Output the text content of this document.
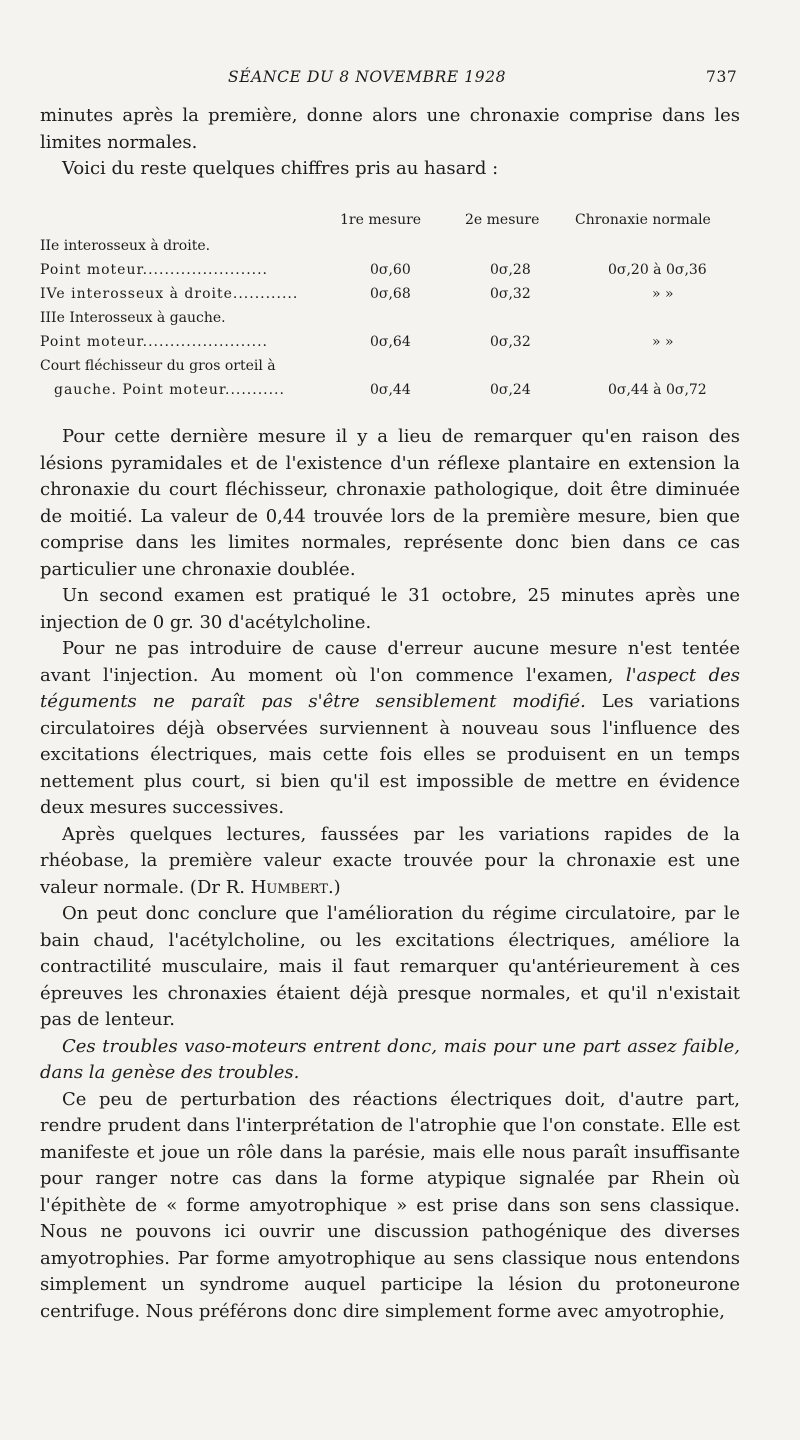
SÉANCE DU 8 NOVEMBRE 1928	737

minutes après la première, donne alors une chronaxie comprise dans les limites normales.

Voici du reste quelques chiffres pris au hasard :

1re mesure	2e mesure	Chronaxie normale
IIe interosseux à droite.
Point moteur.......................	0σ,60	0σ,28	0σ,20 à 0σ,36
IVe interosseux à droite............	0σ,68	0σ,32	» »
IIIe Interosseux à gauche.
Point moteur.......................	0σ,64	0σ,32	» »
Court fléchisseur du gros orteil à
gauche. Point moteur...........	0σ,44	0σ,24	0σ,44 à 0σ,72

Pour cette dernière mesure il y a lieu de remarquer qu'en raison des lésions pyramidales et de l'existence d'un réflexe plantaire en extension la chronaxie du court fléchisseur, chronaxie pathologique, doit être diminuée de moitié. La valeur de 0,44 trouvée lors de la première mesure, bien que comprise dans les limites normales, représente donc bien dans ce cas particulier une chronaxie doublée.

Un second examen est pratiqué le 31 octobre, 25 minutes après une injection de 0 gr. 30 d'acétylcholine.

Pour ne pas introduire de cause d'erreur aucune mesure n'est tentée avant l'injection. Au moment où l'on commence l'examen, l'aspect des téguments ne paraît pas s'être sensiblement modifié. Les variations circulatoires déjà observées surviennent à nouveau sous l'influence des excitations électriques, mais cette fois elles se produisent en un temps nettement plus court, si bien qu'il est impossible de mettre en évidence deux mesures successives.

Après quelques lectures, faussées par les variations rapides de la rhéobase, la première valeur exacte trouvée pour la chronaxie est une valeur normale. (Dr R. Humbert.)

On peut donc conclure que l'amélioration du régime circulatoire, par le bain chaud, l'acétylcholine, ou les excitations électriques, améliore la contractilité musculaire, mais il faut remarquer qu'antérieurement à ces épreuves les chronaxies étaient déjà presque normales, et qu'il n'existait pas de lenteur.

Ces troubles vaso-moteurs entrent donc, mais pour une part assez faible, dans la genèse des troubles.

Ce peu de perturbation des réactions électriques doit, d'autre part, rendre prudent dans l'interprétation de l'atrophie que l'on constate. Elle est manifeste et joue un rôle dans la parésie, mais elle nous paraît insuffisante pour ranger notre cas dans la forme atypique signalée par Rhein où l'épithète de « forme amyotrophique » est prise dans son sens classique. Nous ne pouvons ici ouvrir une discussion pathogénique des diverses amyotrophies. Par forme amyotrophique au sens classique nous entendons simplement un syndrome auquel participe la lésion du protoneurone centrifuge. Nous préférons donc dire simplement forme avec amyotrophie,
